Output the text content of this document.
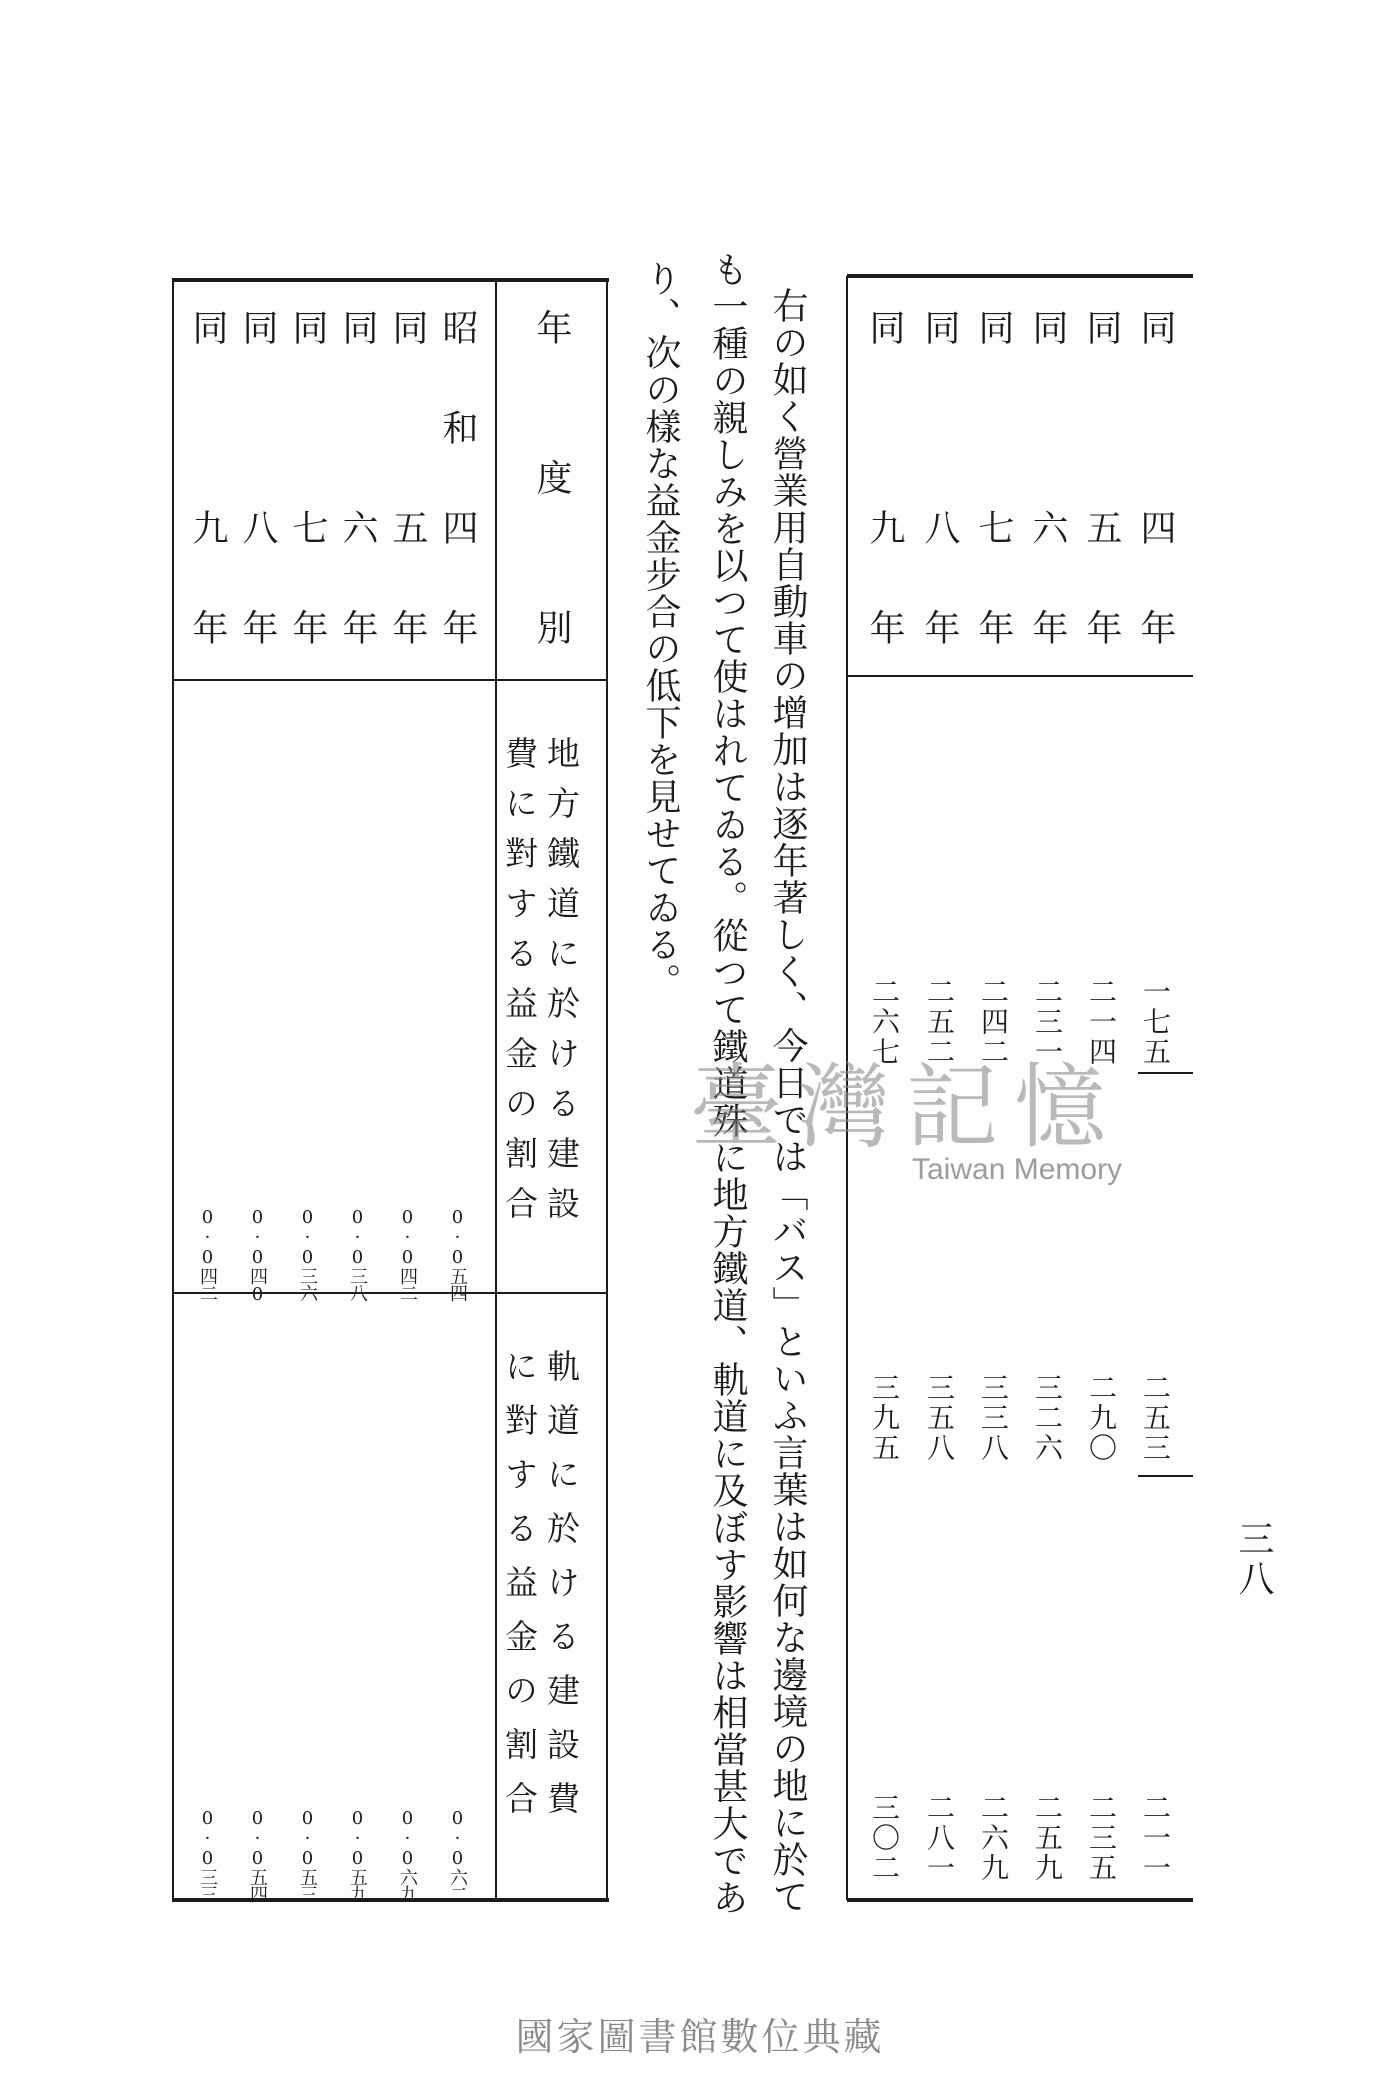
同　四年
同　五年
同　六年
同　七年
同　八年
同　九年
一七五
二一四
二三一
二四二
二五二
二六七
二五三
二九〇
三二六
三三八
三五八
三九五
二一一
二三五
二五九
二六九
二八一
三〇二
三八
右の如く營業用自動車の增加は逐年著しく、今日では「バス」といふ言葉は如何な邊境の地に於て
も一種の親しみを以つて使はれてゐる。從つて鐵道殊に地方鐵道、軌道に及ぼす影響は相當甚大であ
り、次の樣な益金步合の低下を見せてゐる。
年度別
地方鐵道に於ける建設
費に對する益金の割合
軌道に於ける建設費
に對する益金の割合
昭和四年
同　五年
同　六年
同　七年
同　八年
同　九年
0·0五四
0·0四二
0·0三八
0·0三六
0·0四0
0·0四二
0·0六二
0·0六九
0·0五九
0·0五三
0·0五四
0·0三三
臺灣記憶
Taiwan Memory
國家圖書館數位典藏
